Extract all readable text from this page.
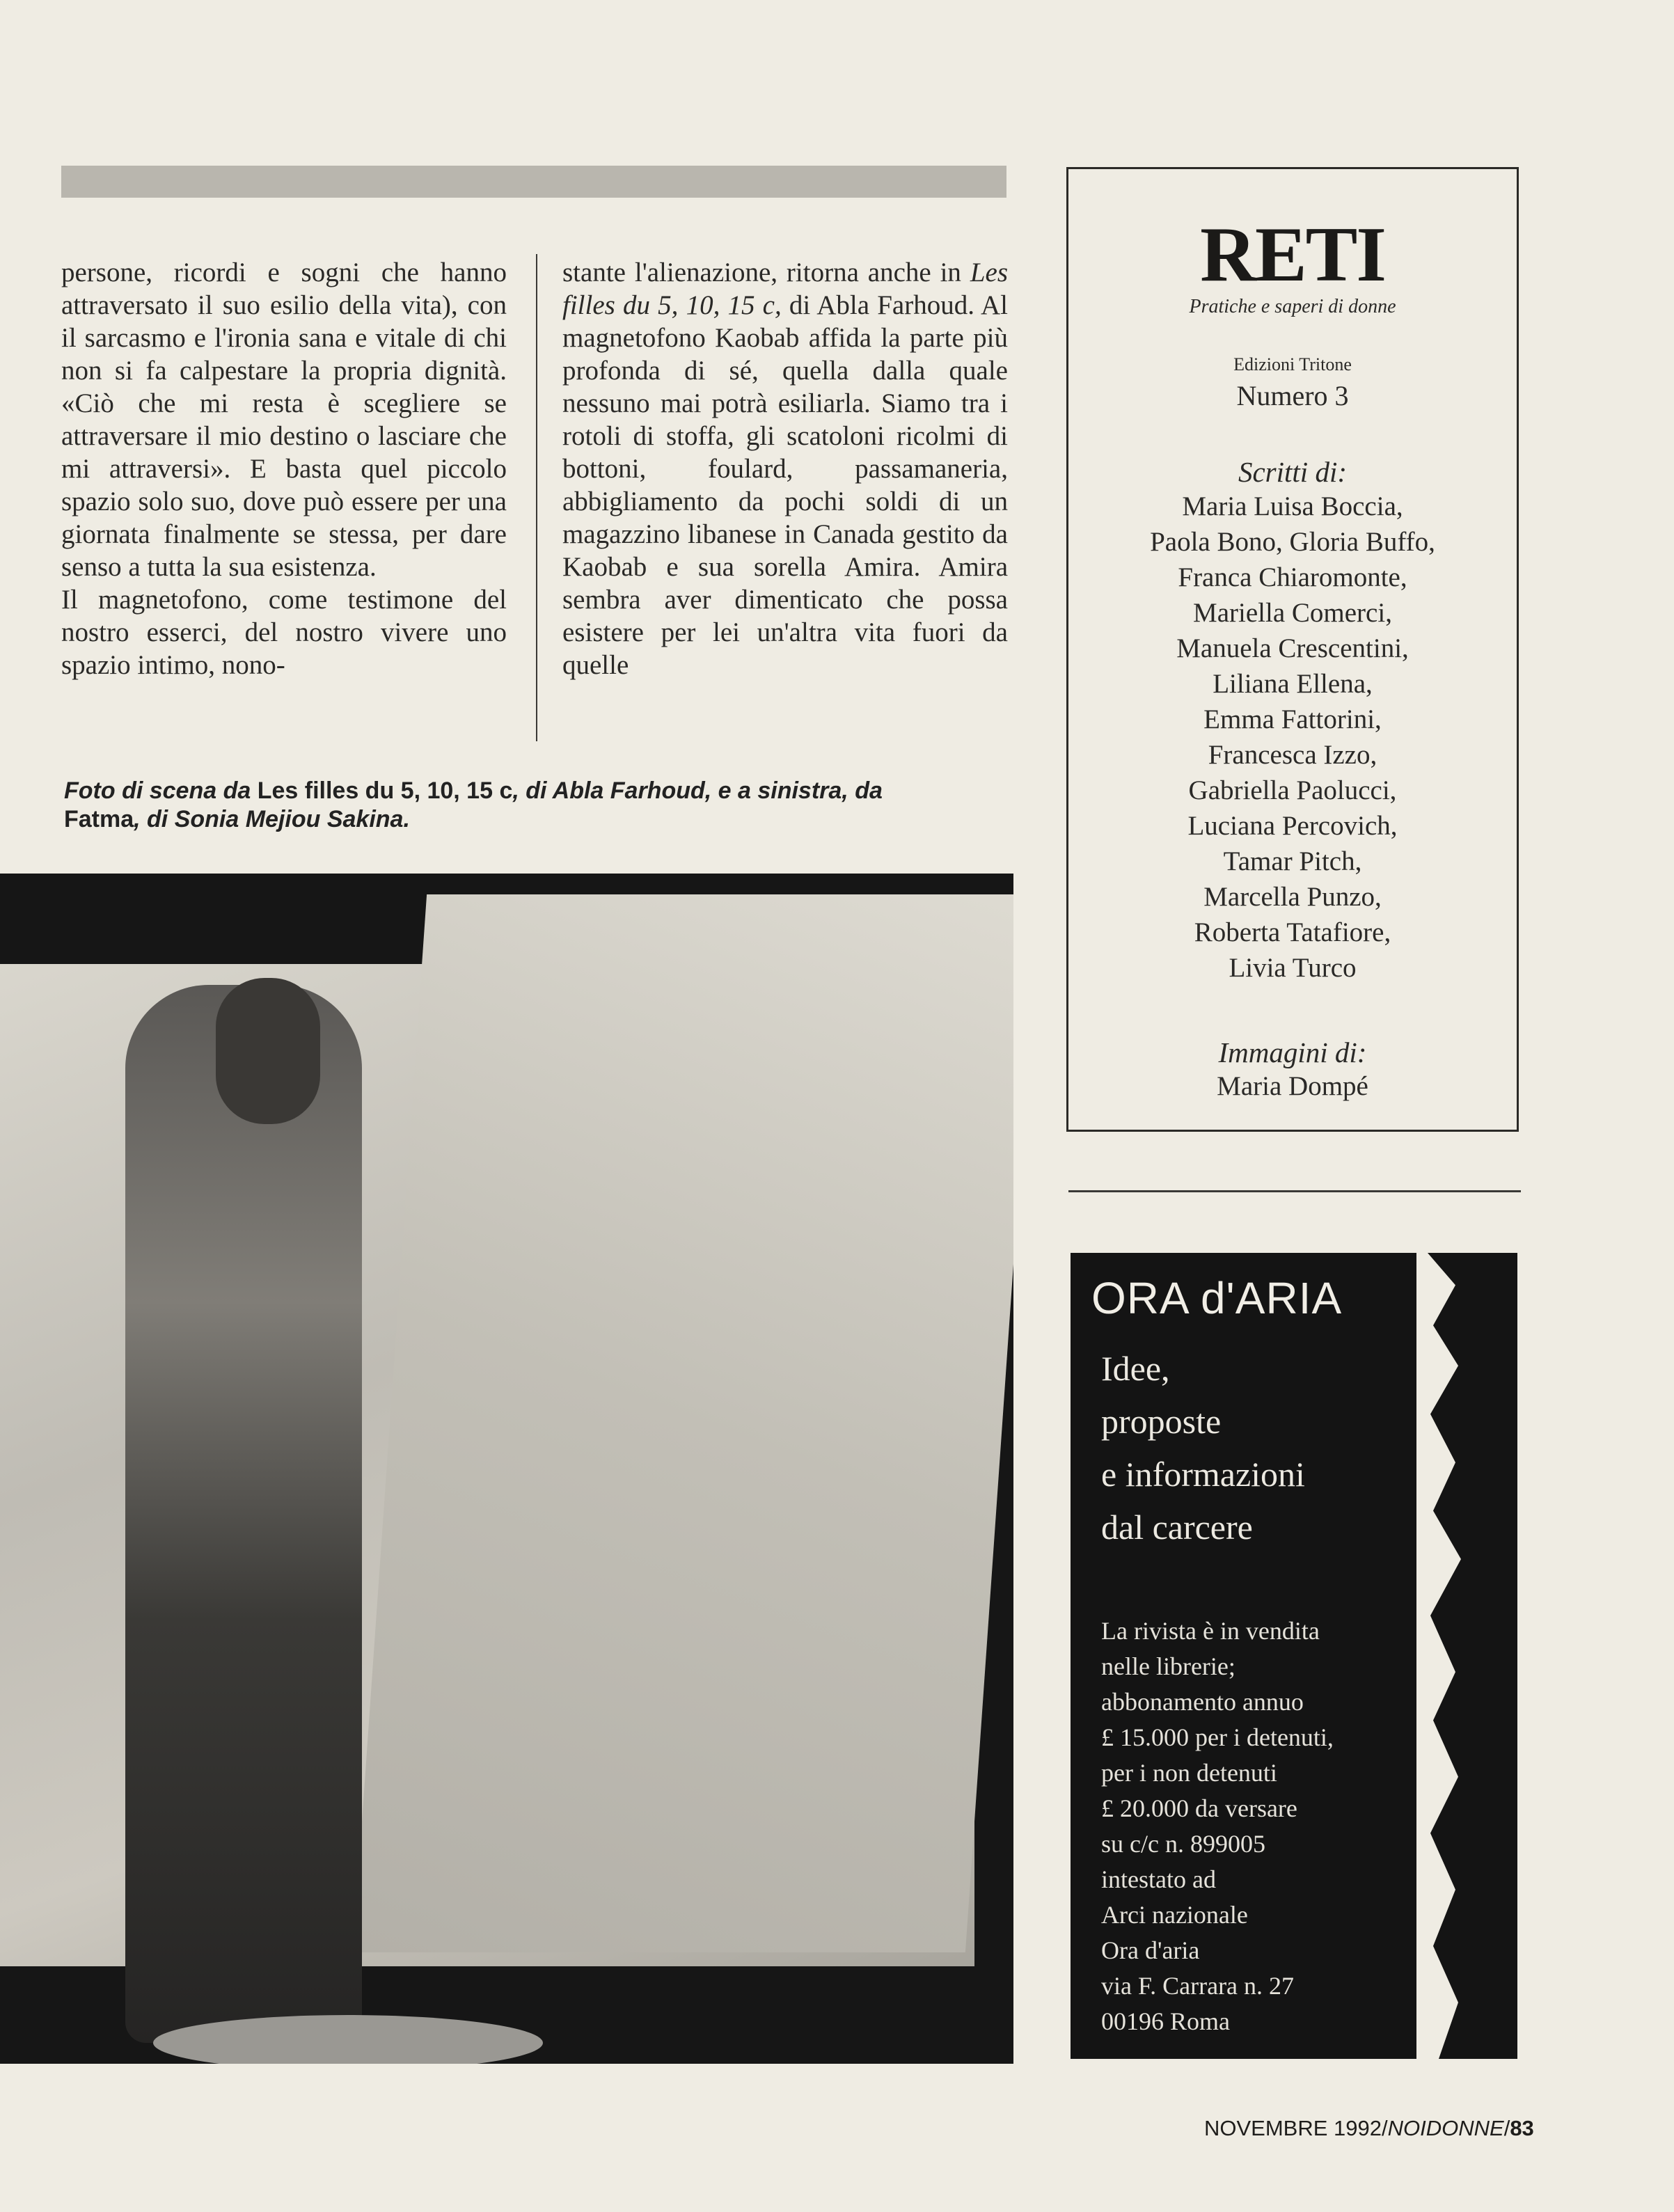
persone, ricordi e sogni che hanno attraversato il suo esilio della vita), con il sarcasmo e l'ironia sana e vitale di chi non si fa calpestare la propria dignità. «Ciò che mi resta è scegliere se attraversare il mio destino o lasciare che mi attraversi». E basta quel piccolo spazio solo suo, dove può essere per una giornata finalmente se stessa, per dare senso a tutta la sua esistenza.

Il magnetofono, come testimone del nostro esserci, del nostro vivere uno spazio intimo, nono-

stante l'alienazione, ritorna anche in Les filles du 5, 10, 15 c, di Abla Farhoud. Al magnetofono Kaobab affida la parte più profonda di sé, quella dalla quale nessuno mai potrà esiliarla. Siamo tra i rotoli di stoffa, gli scatoloni ricolmi di bottoni, foulard, passamaneria, abbigliamento da pochi soldi di un magazzino libanese in Canada gestito da Kaobab e sua sorella Amira. Amira sembra aver dimenticato che possa esistere per lei un'altra vita fuori da quelle

Foto di scena da Les filles du 5, 10, 15 c, di Abla Farhoud, e a sinistra, da
Fatma, di Sonia Mejiou Sakina.
RETI
Pratiche e saperi di donne
Edizioni Tritone
Numero 3
Scritti di:
Maria Luisa Boccia,
Paola Bono, Gloria Buffo,
Franca Chiaromonte,
Mariella Comerci,
Manuela Crescentini,
Liliana Ellena,
Emma Fattorini,
Francesca Izzo,
Gabriella Paolucci,
Luciana Percovich,
Tamar Pitch,
Marcella Punzo,
Roberta Tatafiore,
Livia Turco
Immagini di:
Maria Dompé
ORA d'ARIA
Idee,
proposte
e informazioni
dal carcere
La rivista è in vendita
nelle librerie;
abbonamento annuo
£ 15.000 per i detenuti,
per i non detenuti
£ 20.000 da versare
su c/c n. 899005
intestato ad
Arci nazionale
Ora d'aria
via F. Carrara n. 27
00196 Roma
NOVEMBRE 1992/NOIDONNE/83
